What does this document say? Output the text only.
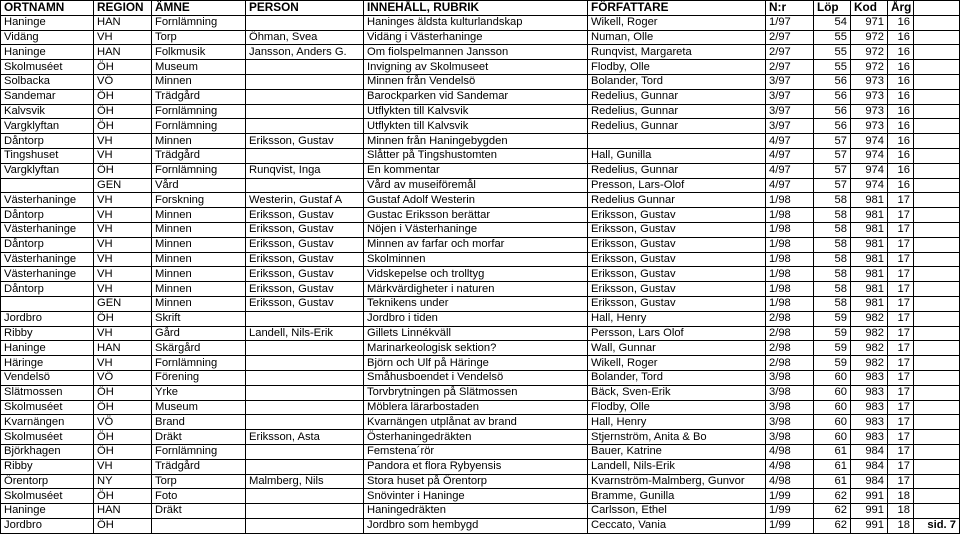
ORTNAMN	REGION	ÄMNE	PERSON	INNEHÅLL, RUBRIK	FÖRFATTARE	N:r	Löp	Kod	Årg	
Haninge	HAN	Fornlämning		Haninges äldsta kulturlandskap	Wikell, Roger	1/97	54	971	16	
Vidäng	VH	Torp	Öhman, Svea	Vidäng i Västerhaninge	Numan, Olle	2/97	55	972	16	
Haninge	HAN	Folkmusik	Jansson, Anders G.	Om fiolspelmannen Jansson	Runqvist, Margareta	2/97	55	972	16	
Skolmuséet	ÖH	Museum		Invigning av Skolmuseet	Flodby, Olle	2/97	55	972	16	
Solbacka	VÖ	Minnen		Minnen från Vendelsö	Bolander, Tord	3/97	56	973	16	
Sandemar	ÖH	Trädgård		Barockparken vid Sandemar	Redelius, Gunnar	3/97	56	973	16	
Kalvsvik	ÖH	Fornlämning		Utflykten till Kalvsvik	Redelius, Gunnar	3/97	56	973	16	
Vargklyftan	ÖH	Fornlämning		Utflykten till Kalvsvik	Redelius, Gunnar	3/97	56	973	16	
Dåntorp	VH	Minnen	Eriksson, Gustav	Minnen från Haningebygden		4/97	57	974	16	
Tingshuset	VH	Trädgård		Slåtter på Tingshustomten	Hall, Gunilla	4/97	57	974	16	
Vargklyftan	ÖH	Fornlämning	Runqvist, Inga	En kommentar	Redelius, Gunnar	4/97	57	974	16	
	GEN	Vård		Vård av museiföremål	Presson, Lars-Olof	4/97	57	974	16	
Västerhaninge	VH	Forskning	Westerin, Gustaf A	Gustaf Adolf Westerin	Redelius Gunnar	1/98	58	981	17	
Dåntorp	VH	Minnen	Eriksson, Gustav	Gustac Eriksson berättar	Eriksson, Gustav	1/98	58	981	17	
Västerhaninge	VH	Minnen	Eriksson, Gustav	Nöjen i Västerhaninge	Eriksson, Gustav	1/98	58	981	17	
Dåntorp	VH	Minnen	Eriksson, Gustav	Minnen av farfar och morfar	Eriksson, Gustav	1/98	58	981	17	
Västerhaninge	VH	Minnen	Eriksson, Gustav	Skolminnen	Eriksson, Gustav	1/98	58	981	17	
Västerhaninge	VH	Minnen	Eriksson, Gustav	Vidskepelse och trolltyg	Eriksson, Gustav	1/98	58	981	17	
Dåntorp	VH	Minnen	Eriksson, Gustav	Märkvärdigheter i naturen	Eriksson, Gustav	1/98	58	981	17	
	GEN	Minnen	Eriksson, Gustav	Teknikens under	Eriksson, Gustav	1/98	58	981	17	
Jordbro	ÖH	Skrift		Jordbro i tiden	Hall, Henry	2/98	59	982	17	
Ribby	VH	Gård	Landell, Nils-Erik	Gillets Linnékväll	Persson, Lars Olof	2/98	59	982	17	
Haninge	HAN	Skärgård		Marinarkeologisk sektion?	Wall, Gunnar	2/98	59	982	17	
Häringe	VH	Fornlämning		Björn och Ulf på Häringe	Wikell, Roger	2/98	59	982	17	
Vendelsö	VÖ	Förening		Småhusboendet i Vendelsö	Bolander, Tord	3/98	60	983	17	
Slätmossen	ÖH	Yrke		Torvbrytningen på Slätmossen	Bäck, Sven-Erik	3/98	60	983	17	
Skolmuséet	ÖH	Museum		Möblera lärarbostaden	Flodby, Olle	3/98	60	983	17	
Kvarnängen	VÖ	Brand		Kvarnängen utplånat av brand	Hall, Henry	3/98	60	983	17	
Skolmuséet	ÖH	Dräkt	Eriksson, Asta	Österhaningedräkten	Stjernström, Anita & Bo	3/98	60	983	17	
Björkhagen	ÖH	Fornlämning		Femstena´rör	Bauer, Katrine	4/98	61	984	17	
Ribby	VH	Trädgård		Pandora et flora Rybyensis	Landell, Nils-Erik	4/98	61	984	17	
Örentorp	NY	Torp	Malmberg, Nils	Stora huset på Örentorp	Kvarnström-Malmberg, Gunvor	4/98	61	984	17	
Skolmuséet	ÖH	Foto		Snövinter i Haninge	Bramme, Gunilla	1/99	62	991	18	
Haninge	HAN	Dräkt		Haningedräkten	Carlsson, Ethel	1/99	62	991	18	
Jordbro	ÖH			Jordbro som hembygd	Ceccato, Vania	1/99	62	991	18	sid. 7
